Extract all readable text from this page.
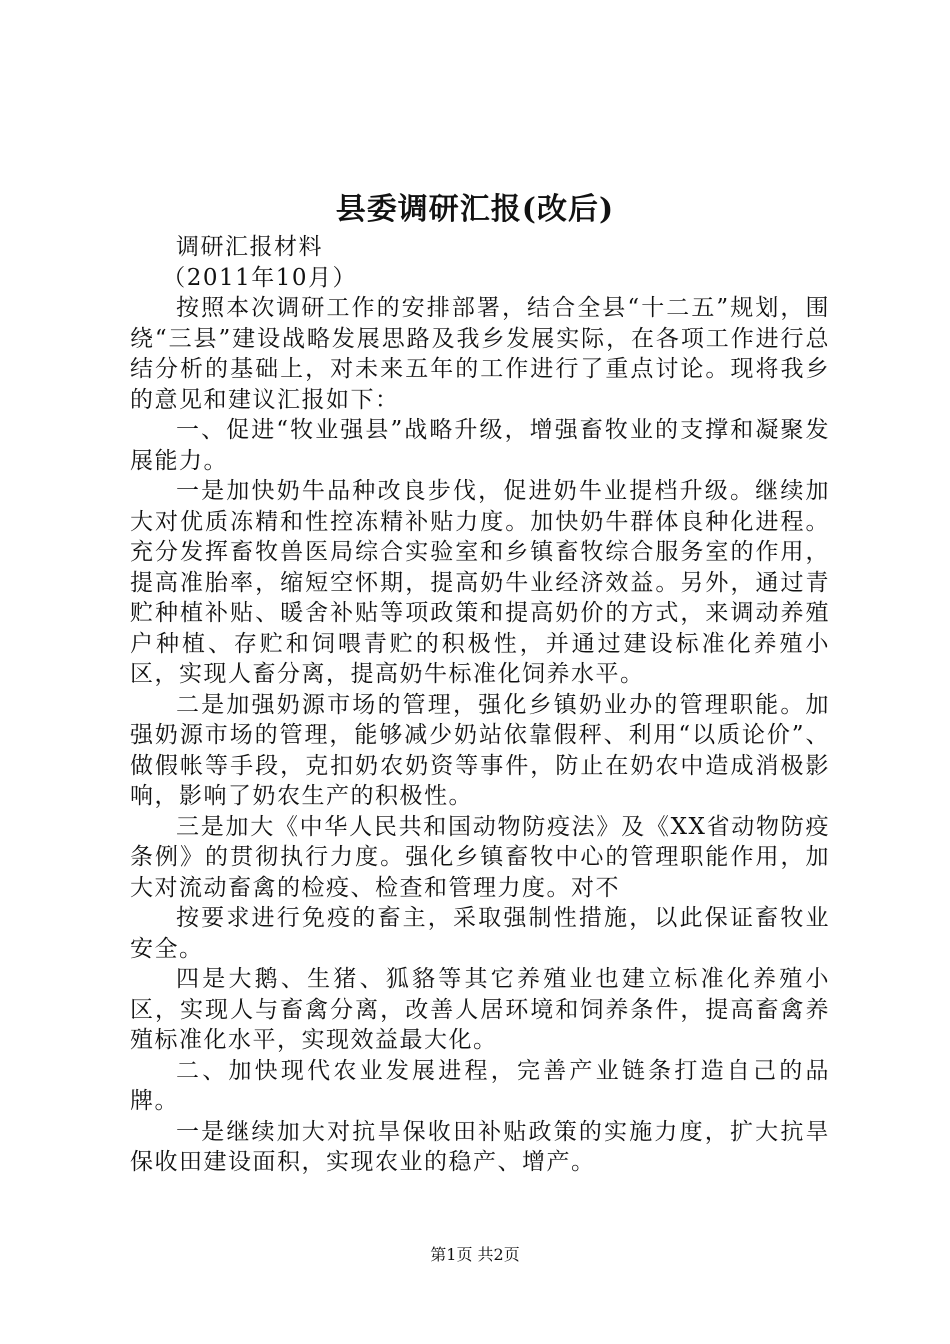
县委调研汇报(改后)

调研汇报材料

（2011年10月）

按照本次调研工作的安排部署，结合全县“十二五”规划，围绕“三县”建设战略发展思路及我乡发展实际，在各项工作进行总结分析的基础上，对未来五年的工作进行了重点讨论。现将我乡的意见和建议汇报如下：

一、促进“牧业强县”战略升级，增强畜牧业的支撑和凝聚发展能力。

一是加快奶牛品种改良步伐，促进奶牛业提档升级。继续加大对优质冻精和性控冻精补贴力度。加快奶牛群体良种化进程。充分发挥畜牧兽医局综合实验室和乡镇畜牧综合服务室的作用，提高准胎率，缩短空怀期，提高奶牛业经济效益。另外，通过青贮种植补贴、暖舍补贴等项政策和提高奶价的方式，来调动养殖户种植、存贮和饲喂青贮的积极性，并通过建设标准化养殖小区，实现人畜分离，提高奶牛标准化饲养水平。

二是加强奶源市场的管理，强化乡镇奶业办的管理职能。加强奶源市场的管理，能够减少奶站依靠假秤、利用“以质论价”、做假帐等手段，克扣奶农奶资等事件，防止在奶农中造成消极影响，影响了奶农生产的积极性。

三是加大《中华人民共和国动物防疫法》及《XX省动物防疫条例》的贯彻执行力度。强化乡镇畜牧中心的管理职能作用，加大对流动畜禽的检疫、检查和管理力度。对不

按要求进行免疫的畜主，采取强制性措施，以此保证畜牧业安全。

四是大鹅、生猪、狐貉等其它养殖业也建立标准化养殖小区，实现人与畜禽分离，改善人居环境和饲养条件，提高畜禽养殖标准化水平，实现效益最大化。

二、加快现代农业发展进程，完善产业链条打造自己的品牌。

一是继续加大对抗旱保收田补贴政策的实施力度，扩大抗旱保收田建设面积，实现农业的稳产、增产。

第1页 共2页
